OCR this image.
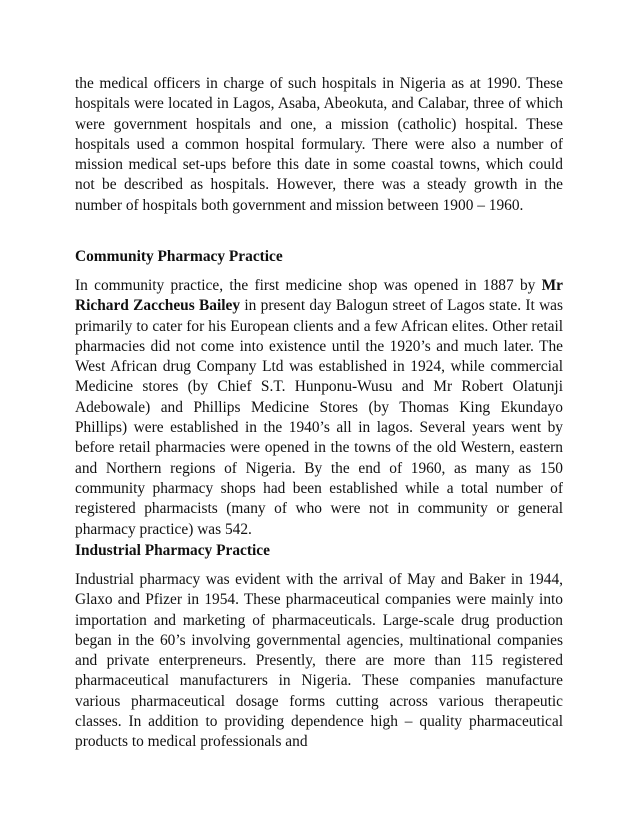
the medical officers in charge of such hospitals in Nigeria as at 1990. These hospitals were located in Lagos, Asaba, Abeokuta, and Calabar, three of which were government hospitals and one, a mission (catholic) hospital. These hospitals used a common hospital formulary. There were also a number of mission medical set-ups before this date in some coastal towns, which could not be described as hospitals. However, there was a steady growth in the number of hospitals both government and mission between 1900 – 1960.

Community Pharmacy Practice

In community practice, the first medicine shop was opened in 1887 by Mr Richard Zaccheus Bailey in present day Balogun street of Lagos state. It was primarily to cater for his European clients and a few African elites. Other retail pharmacies did not come into existence until the 1920’s and much later. The West African drug Company Ltd was established in 1924, while commercial Medicine stores (by Chief S.T. Hunponu-Wusu and Mr Robert Olatunji Adebowale) and Phillips Medicine Stores (by Thomas King Ekundayo Phillips) were established in the 1940’s all in lagos. Several years went by before retail pharmacies were opened in the towns of the old Western, eastern and Northern regions of Nigeria. By the end of 1960, as many as 150 community pharmacy shops had been established while a total number of registered pharmacists (many of who were not in community or general pharmacy practice) was 542.

Industrial Pharmacy Practice

Industrial pharmacy was evident with the arrival of May and Baker in 1944, Glaxo and Pfizer in 1954. These pharmaceutical companies were mainly into importation and marketing of pharmaceuticals. Large-scale drug production began in the 60’s involving governmental agencies, multinational companies and private enterpreneurs. Presently, there are more than 115 registered pharmaceutical manufacturers in Nigeria. These companies manufacture various pharmaceutical dosage forms cutting across various therapeutic classes. In addition to providing dependence high – quality pharmaceutical products to medical professionals and
